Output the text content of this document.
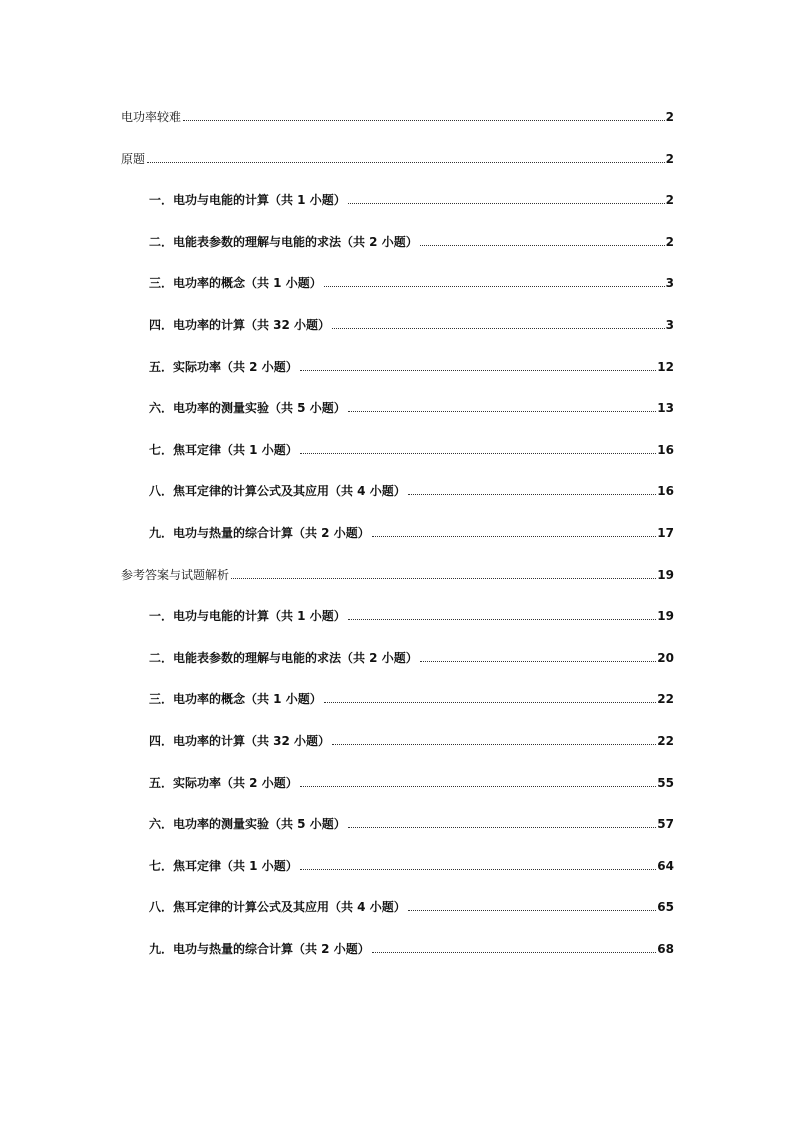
电功率较难	2
原题	2
一．电功与电能的计算（共 1 小题）	2
二．电能表参数的理解与电能的求法（共 2 小题）	2
三．电功率的概念（共 1 小题）	3
四．电功率的计算（共 32 小题）	3
五．实际功率（共 2 小题）	12
六．电功率的测量实验（共 5 小题）	13
七．焦耳定律（共 1 小题）	16
八．焦耳定律的计算公式及其应用（共 4 小题）	16
九．电功与热量的综合计算（共 2 小题）	17
参考答案与试题解析	19
一．电功与电能的计算（共 1 小题）	19
二．电能表参数的理解与电能的求法（共 2 小题）	20
三．电功率的概念（共 1 小题）	22
四．电功率的计算（共 32 小题）	22
五．实际功率（共 2 小题）	55
六．电功率的测量实验（共 5 小题）	57
七．焦耳定律（共 1 小题）	64
八．焦耳定律的计算公式及其应用（共 4 小题）	65
九．电功与热量的综合计算（共 2 小题）	68
